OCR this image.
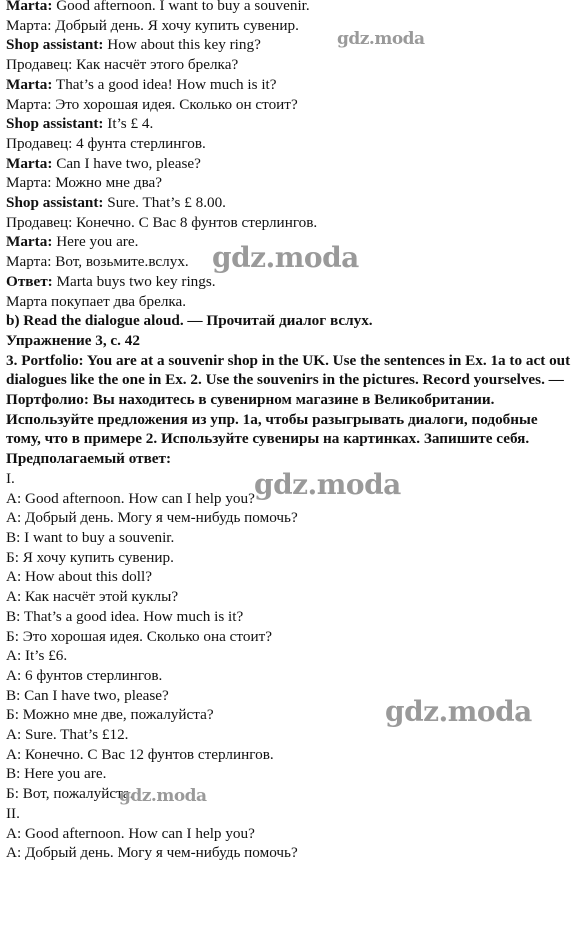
Marta: Good afternoon. I want to buy a souvenir.
Марта: Добрый день. Я хочу купить сувенир.
Shop assistant: How about this key ring?
Продавец: Как насчёт этого брелка?
Marta: That’s a good idea! How much is it?
Марта: Это хорошая идея. Сколько он стоит?
Shop assistant: It’s £ 4.
Продавец: 4 фунта стерлингов.
Marta: Can I have two, please?
Марта: Можно мне два?
Shop assistant: Sure. That’s £ 8.00.
Продавец: Конечно. С Вас 8 фунтов стерлингов.
Marta: Here you are.
Марта: Вот, возьмите.вслух.
Ответ: Marta buys two key rings.
Марта покупает два брелка.
b) Read the dialogue aloud. — Прочитай диалог вслух.
Упражнение 3, с. 42
3. Portfolio: You are at a souvenir shop in the UK. Use the sentences in Ex. 1a to act out dialogues like the one in Ex. 2. Use the souvenirs in the pictures. Record yourselves. — Портфолио: Вы находитесь в сувенирном магазине в Великобритании. Используйте предложения из упр. 1а, чтобы разыгрывать диалоги, подобные тому, что в примере 2. Используйте сувениры на картинках. Запишите себя.
Предполагаемый ответ:
I.
A: Good afternoon. How can I help you?
А: Добрый день. Могу я чем-нибудь помочь?
B: I want to buy a souvenir.
Б: Я хочу купить сувенир.
A: How about this doll?
А: Как насчёт этой куклы?
B: That’s a good idea. How much is it?
Б: Это хорошая идея. Сколько она стоит?
A: It’s £6.
А: 6 фунтов стерлингов.
B: Can I have two, please?
Б: Можно мне две, пожалуйста?
A: Sure. That’s £12.
А: Конечно. С Вас 12 фунтов стерлингов.
B: Here you are.
Б: Вот, пожалуйста.
II.
A: Good afternoon. How can I help you?
А: Добрый день. Могу я чем-нибудь помочь?
gdz.moda
gdz.moda
gdz.moda
gdz.moda
gdz.moda
